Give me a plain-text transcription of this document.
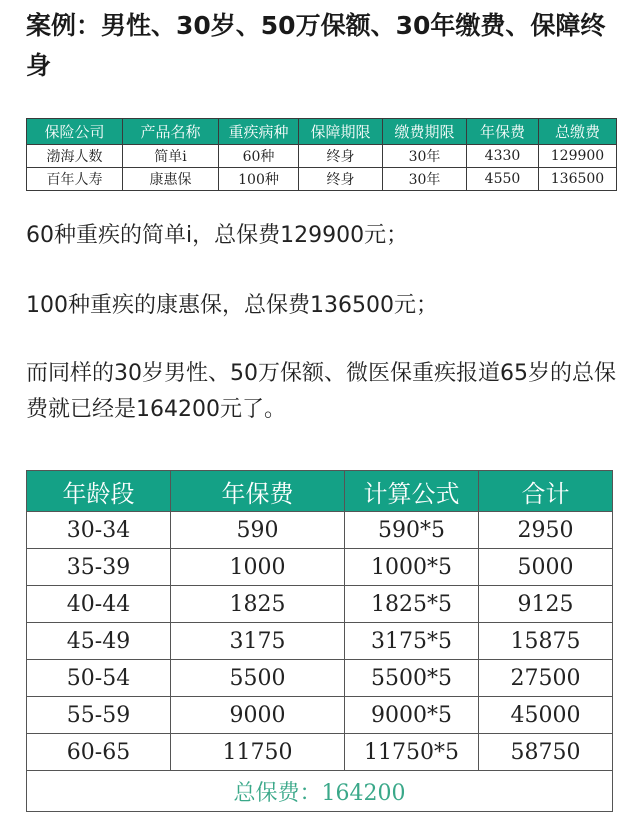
案例：男性、30岁、50万保额、30年缴费、保障终身
保险公司	产品名称	重疾病种	保障期限	缴费期限	年保费	总缴费
渤海人数	简单i	60种	终身	30年	4330	129900
百年人寿	康惠保	100种	终身	30年	4550	136500
60种重疾的简单i，总保费129900元；
100种重疾的康惠保，总保费136500元；
而同样的30岁男性、50万保额、微医保重疾报道65岁的总保费就已经是164200元了。
年龄段	年保费	计算公式	合计
30-34	590	590*5	2950
35-39	1000	1000*5	5000
40-44	1825	1825*5	9125
45-49	3175	3175*5	15875
50-54	5500	5500*5	27500
55-59	9000	9000*5	45000
60-65	11750	11750*5	58750
总保费：164200			
